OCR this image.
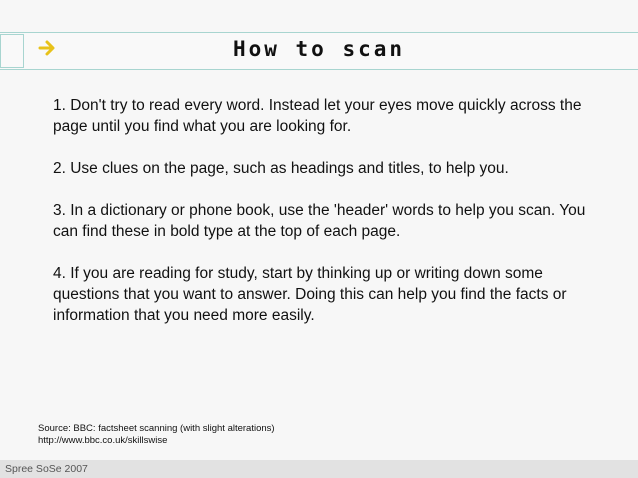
How to scan

1. Don't try to read every word. Instead let your eyes move quickly across the page until you find what you are looking for.

2. Use clues on the page, such as headings and titles, to help you.

3. In a dictionary or phone book, use the 'header' words to help you scan. You can find these in bold type at the top of each page.

4. If you are reading for study, start by thinking up or writing down some questions that you want to answer. Doing this can help you find the facts or information that you need more easily.

Source: BBC: factsheet scanning (with slight alterations)
http://www.bbc.co.uk/skillswise
Spree SoSe 2007
